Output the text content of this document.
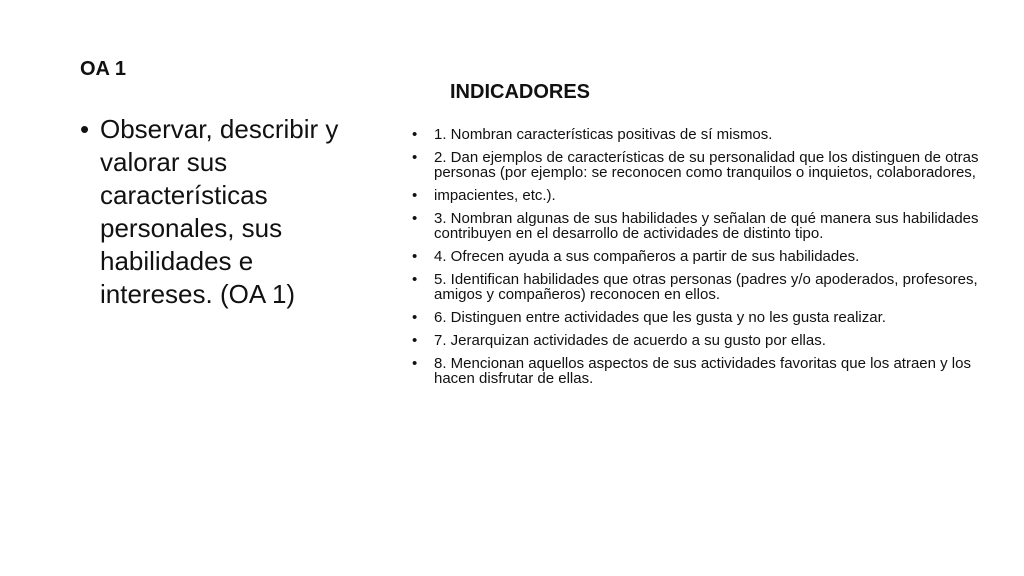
OA 1
• Observar, describir y valorar sus características personales, sus habilidades e intereses. (OA 1)
INDICADORES
•	1. Nombran características positivas de sí mismos.
•	2. Dan ejemplos de características de su personalidad que los distinguen de otras personas (por ejemplo: se reconocen como tranquilos o inquietos, colaboradores,
•	impacientes, etc.).
•	3. Nombran algunas de sus habilidades y señalan de qué manera sus habilidades contribuyen en el desarrollo de actividades de distinto tipo.
•	4. Ofrecen ayuda a sus compañeros a partir de sus habilidades.
•	5. Identifican habilidades que otras personas (padres y/o apoderados, profesores, amigos y compañeros) reconocen en ellos.
•	6. Distinguen entre actividades que les gusta y no les gusta realizar.
•	7. Jerarquizan actividades de acuerdo a su gusto por ellas.
•	8. Mencionan aquellos aspectos de sus actividades favoritas que los atraen y los hacen disfrutar de ellas.
